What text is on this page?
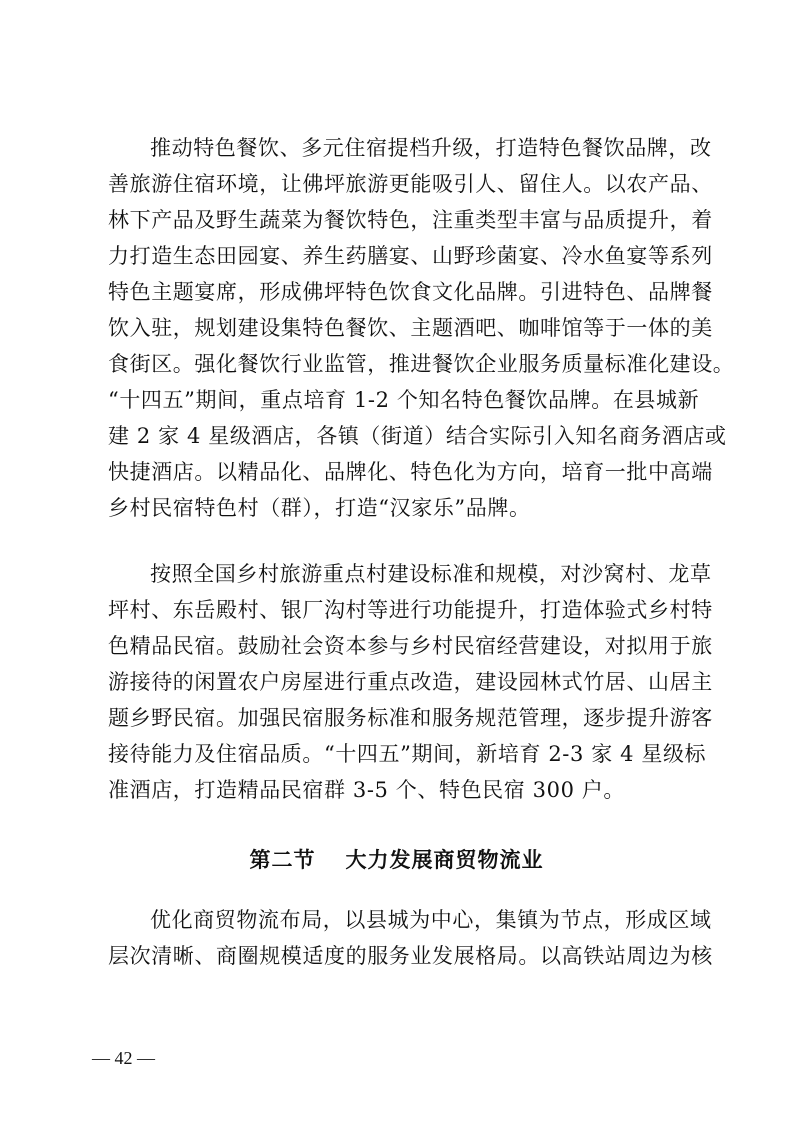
推动特色餐饮、多元住宿提档升级，打造特色餐饮品牌，改
善旅游住宿环境，让佛坪旅游更能吸引人、留住人。以农产品、
林下产品及野生蔬菜为餐饮特色，注重类型丰富与品质提升，着
力打造生态田园宴、养生药膳宴、山野珍菌宴、冷水鱼宴等系列
特色主题宴席，形成佛坪特色饮食文化品牌。引进特色、品牌餐
饮入驻，规划建设集特色餐饮、主题酒吧、咖啡馆等于一体的美
食街区。强化餐饮行业监管，推进餐饮企业服务质量标准化建设。
“十四五”期间，重点培育 1-2 个知名特色餐饮品牌。在县城新
建 2 家 4 星级酒店，各镇（街道）结合实际引入知名商务酒店或
快捷酒店。以精品化、品牌化、特色化为方向，培育一批中高端
乡村民宿特色村（群），打造“汉家乐”品牌。
按照全国乡村旅游重点村建设标准和规模，对沙窝村、龙草
坪村、东岳殿村、银厂沟村等进行功能提升，打造体验式乡村特
色精品民宿。鼓励社会资本参与乡村民宿经营建设，对拟用于旅
游接待的闲置农户房屋进行重点改造，建设园林式竹居、山居主
题乡野民宿。加强民宿服务标准和服务规范管理，逐步提升游客
接待能力及住宿品质。“十四五”期间，新培育 2-3 家 4 星级标
准酒店，打造精品民宿群 3-5 个、特色民宿 300 户。
第二节 大力发展商贸物流业
优化商贸物流布局，以县城为中心，集镇为节点，形成区域
层次清晰、商圈规模适度的服务业发展格局。以高铁站周边为核
— 42 —
